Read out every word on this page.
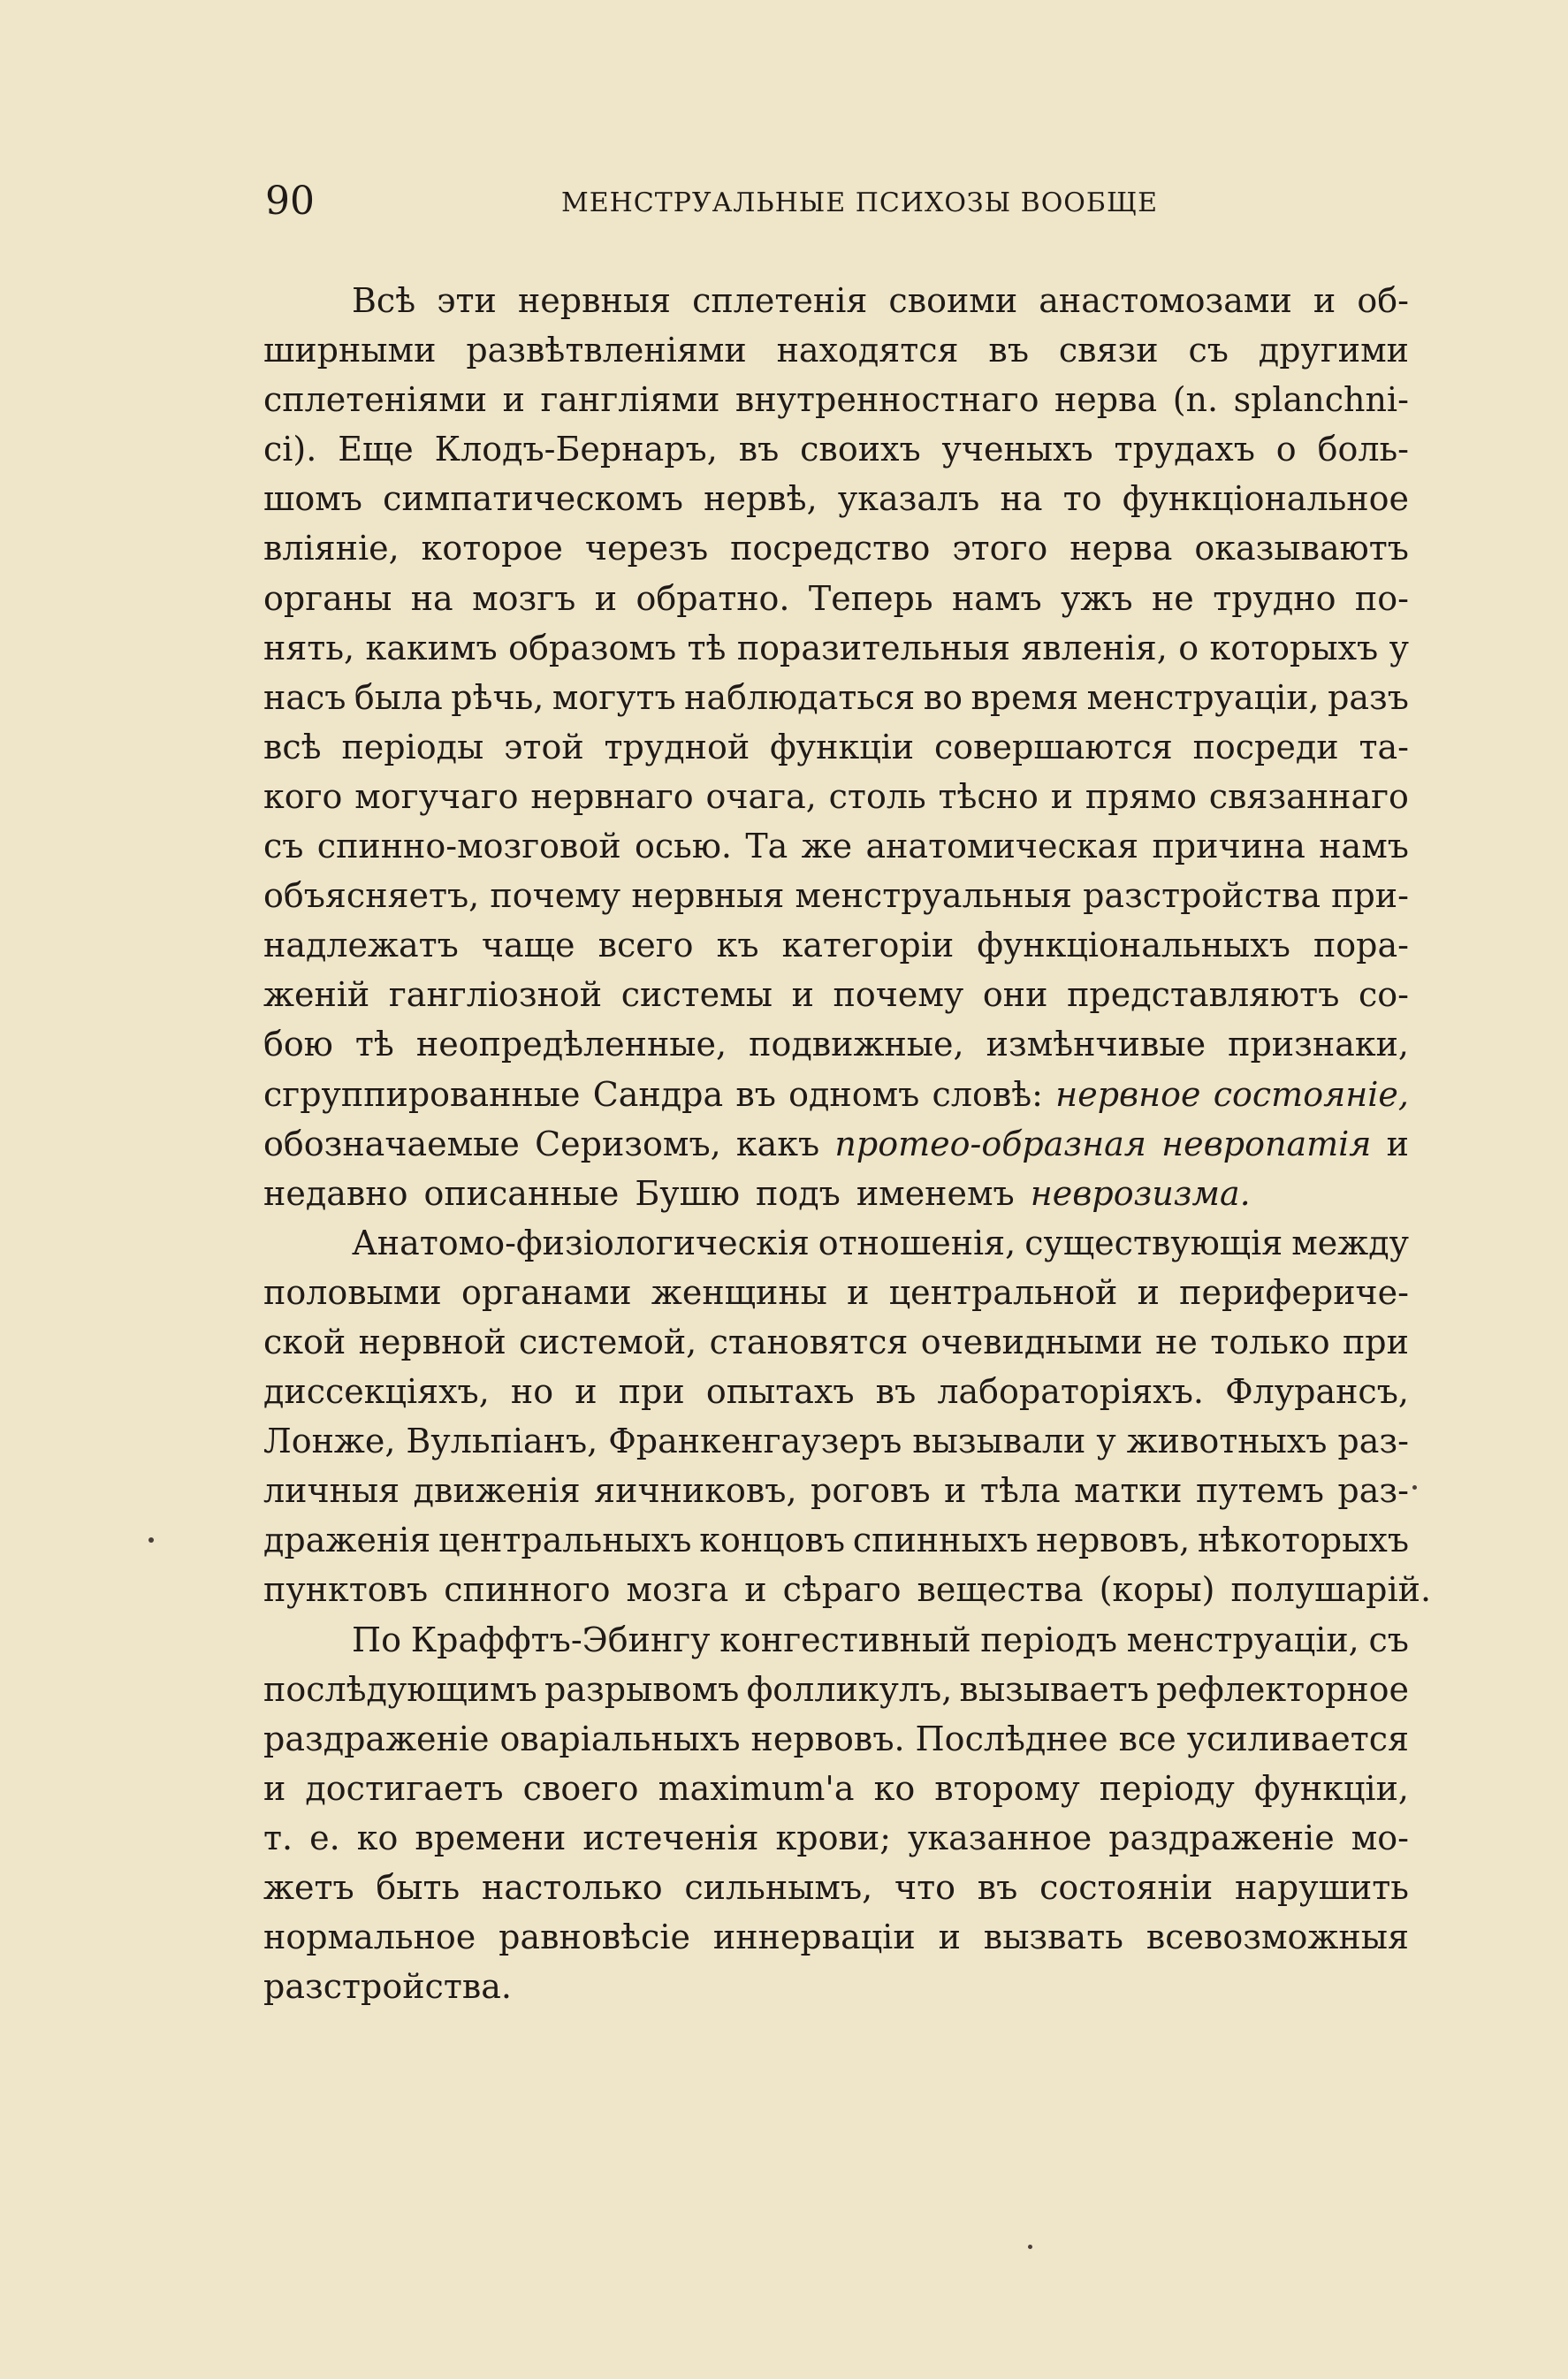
90	МЕНСТРУАЛЬНЫЕ ПСИХОЗЫ ВООБЩЕ
Всѣ эти нервныя сплетенія своими анастомозами и об-
ширными развѣтвленіями находятся въ связи съ другими
сплетеніями и гангліями внутренностнаго нерва (n. splanchni-
ci). Еще Клодъ-Бернаръ, въ своихъ ученыхъ трудахъ о боль-
шомъ симпатическомъ нервѣ, указалъ на то функціональное
вліяніе, которое черезъ посредство этого нерва оказываютъ
органы на мозгъ и обратно. Теперь намъ ужъ не трудно по-
нять, какимъ образомъ тѣ поразительныя явленія, о которыхъ у
насъ была рѣчь, могутъ наблюдаться во время менструаціи, разъ
всѣ періоды этой трудной функціи совершаются посреди та-
кого могучаго нервнаго очага, столь тѣсно и прямо связаннаго
съ спинно-мозговой осью. Та же анатомическая причина намъ
объясняетъ, почему нервныя менструальныя разстройства при-
надлежатъ чаще всего къ категоріи функціональныхъ пора-
женій гангліозной системы и почему они представляютъ со-
бою тѣ неопредѣленные, подвижные, измѣнчивые признаки,
сгруппированные Сандра въ одномъ словѣ: нервное состояніе,
обозначаемые Серизомъ, какъ протео-образная невропатія и
недавно описанные Бушю подъ именемъ неврозизма.
Анатомо-физіологическія отношенія, существующія между
половыми органами женщины и центральной и перифериче-
ской нервной системой, становятся очевидными не только при
диссекціяхъ, но и при опытахъ въ лабораторіяхъ. Флурансъ,
Лонже, Вульпіанъ, Франкенгаузеръ вызывали у животныхъ раз-
личныя движенія яичниковъ, роговъ и тѣла матки путемъ раз-
драженія центральныхъ концовъ спинныхъ нервовъ, нѣкоторыхъ
пунктовъ спинного мозга и сѣраго вещества (коры) полушарій.
По Краффтъ-Эбингу конгестивный періодъ менструаціи, съ
послѣдующимъ разрывомъ фолликулъ, вызываетъ рефлекторное
раздраженіе оваріальныхъ нервовъ. Послѣднее все усиливается
и достигаетъ своего maximum'а ко второму періоду функціи,
т. е. ко времени истеченія крови; указанное раздраженіе мо-
жетъ быть настолько сильнымъ, что въ состояніи нарушить
нормальное равновѣсіе иннерваціи и вызвать всевозможныя
разстройства.
